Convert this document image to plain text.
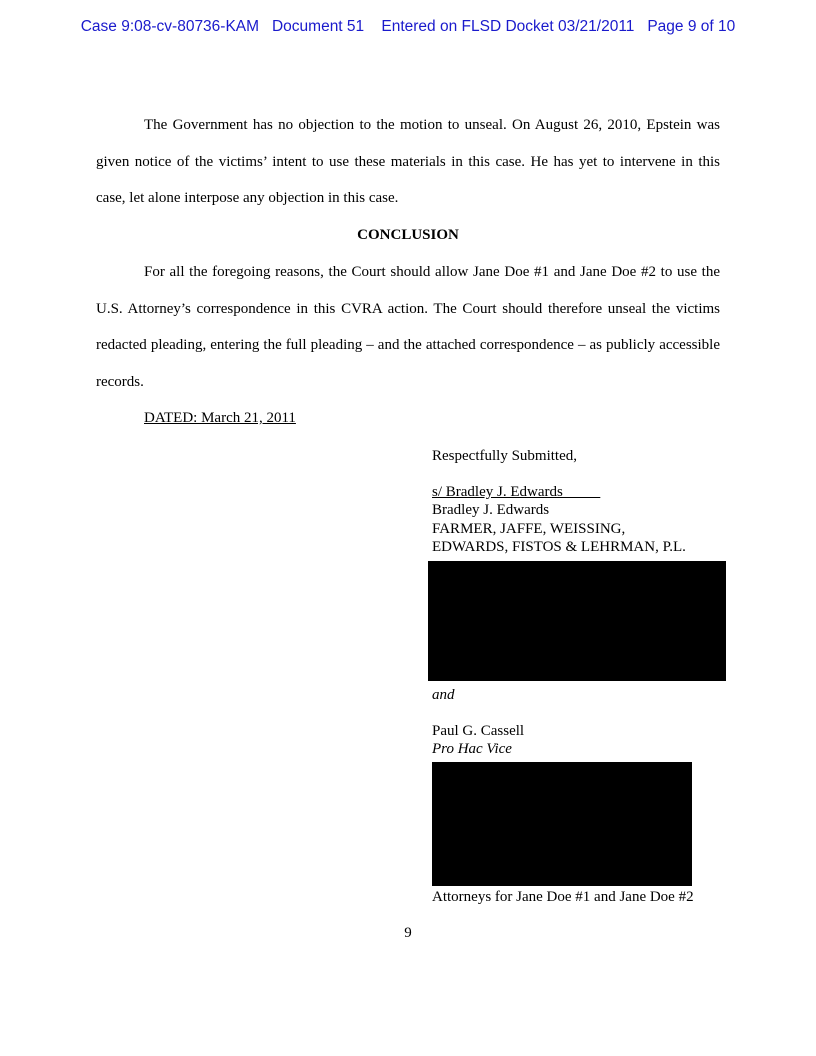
Case 9:08-cv-80736-KAM   Document 51    Entered on FLSD Docket 03/21/2011   Page 9 of 10

The Government has no objection to the motion to unseal. On August 26, 2010, Epstein was given notice of the victims’ intent to use these materials in this case. He has yet to intervene in this case, let alone interpose any objection in this case.

CONCLUSION

For all the foregoing reasons, the Court should allow Jane Doe #1 and Jane Doe #2 to use the U.S. Attorney’s correspondence in this CVRA action. The Court should therefore unseal the victims redacted pleading, entering the full pleading – and the attached correspondence – as publicly accessible records.

DATED: March 21, 2011
Respectfully Submitted,
s/ Bradley J. Edwards
Bradley J. Edwards
FARMER, JAFFE, WEISSING,
EDWARDS, FISTOS & LEHRMAN, P.L.
and
Paul G. Cassell
Pro Hac Vice
Attorneys for Jane Doe #1 and Jane Doe #2
9
